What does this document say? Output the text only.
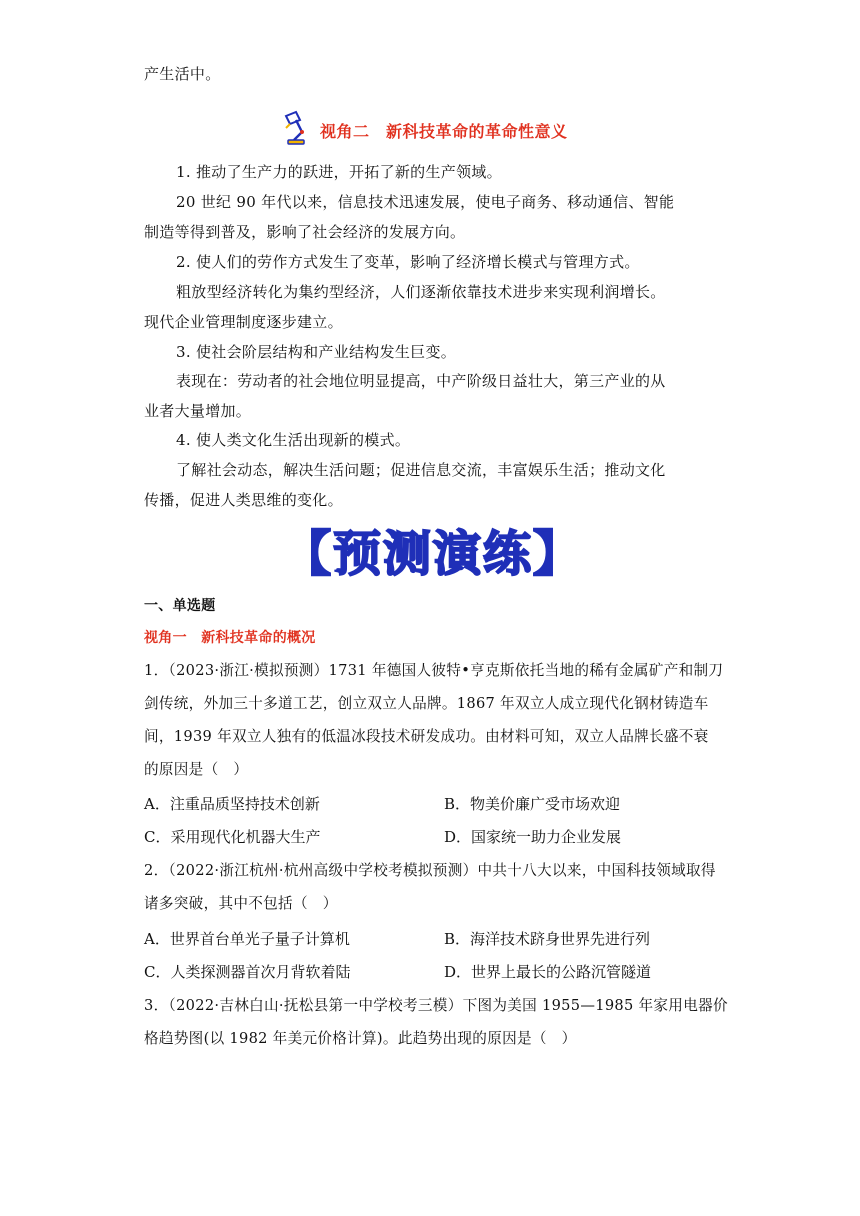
产生活中。
视角二　新科技革命的革命性意义
1. 推动了生产力的跃进，开拓了新的生产领域。
20 世纪 90 年代以来，信息技术迅速发展，使电子商务、移动通信、智能
制造等得到普及，影响了社会经济的发展方向。
2. 使人们的劳作方式发生了变革，影响了经济增长模式与管理方式。
粗放型经济转化为集约型经济，人们逐渐依靠技术进步来实现利润增长。
现代企业管理制度逐步建立。
3. 使社会阶层结构和产业结构发生巨变。
表现在：劳动者的社会地位明显提高，中产阶级日益壮大，第三产业的从
业者大量增加。
4. 使人类文化生活出现新的模式。
了解社会动态，解决生活问题；促进信息交流，丰富娱乐生活；推动文化
传播，促进人类思维的变化。
【预测演练】
一、单选题
视角一　新科技革命的概况
1．（2023·浙江·模拟预测）1731 年德国人彼特•亨克斯依托当地的稀有金属矿产和制刀
剑传统，外加三十多道工艺，创立双立人品牌。1867 年双立人成立现代化钢材铸造车
间，1939 年双立人独有的低温冰段技术研发成功。由材料可知，双立人品牌长盛不衰
的原因是（　）
A．注重品质坚持技术创新	B．物美价廉广受市场欢迎
C．采用现代化机器大生产	D．国家统一助力企业发展
2．（2022·浙江杭州·杭州高级中学校考模拟预测）中共十八大以来，中国科技领域取得
诸多突破，其中不包括（　）
A．世界首台单光子量子计算机	B．海洋技术跻身世界先进行列
C．人类探测器首次月背软着陆	D．世界上最长的公路沉管隧道
3．（2022·吉林白山·抚松县第一中学校考三模）下图为美国 1955—1985 年家用电器价
格趋势图(以 1982 年美元价格计算)。此趋势出现的原因是（　）
